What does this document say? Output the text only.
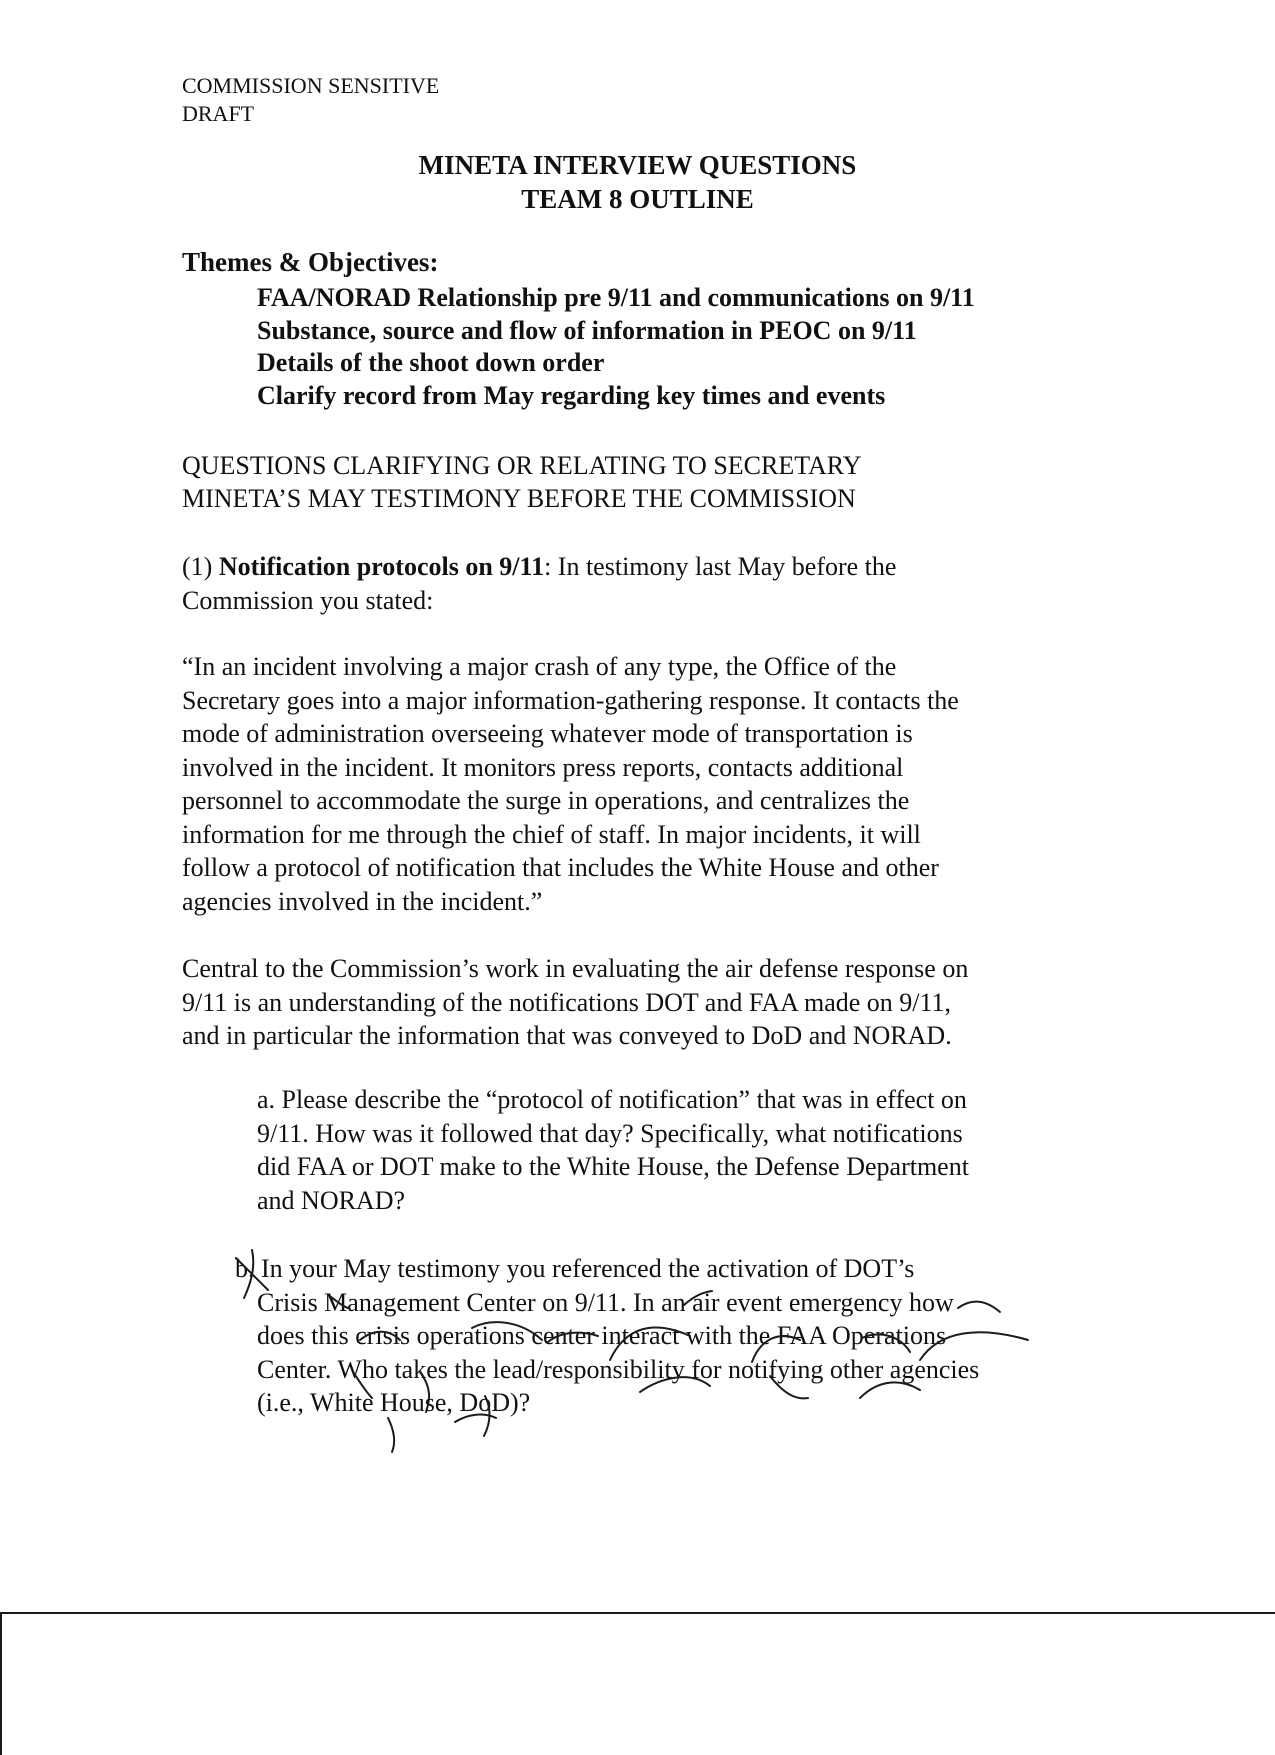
COMMISSION SENSITIVE
DRAFT
MINETA INTERVIEW QUESTIONS
TEAM 8 OUTLINE
Themes & Objectives:
FAA/NORAD Relationship pre 9/11 and communications on 9/11
Substance, source and flow of information in PEOC on 9/11
Details of the shoot down order
Clarify record from May regarding key times and events
QUESTIONS CLARIFYING OR RELATING TO SECRETARY
MINETA’S MAY TESTIMONY BEFORE THE COMMISSION
(1) Notification protocols on 9/11: In testimony last May before the
Commission you stated:
“In an incident involving a major crash of any type, the Office of the
Secretary goes into a major information-gathering response. It contacts the
mode of administration overseeing whatever mode of transportation is
involved in the incident. It monitors press reports, contacts additional
personnel to accommodate the surge in operations, and centralizes the
information for me through the chief of staff. In major incidents, it will
follow a protocol of notification that includes the White House and other
agencies involved in the incident.”
Central to the Commission’s work in evaluating the air defense response on
9/11 is an understanding of the notifications DOT and FAA made on 9/11,
and in particular the information that was conveyed to DoD and NORAD.
a. Please describe the “protocol of notification” that was in effect on
9/11. How was it followed that day? Specifically, what notifications
did FAA or DOT make to the White House, the Defense Department
and NORAD?
b. In your May testimony you referenced the activation of DOT’s
Crisis Management Center on 9/11. In an air event emergency how
does this crisis operations center interact with the FAA Operations
Center. Who takes the lead/responsibility for notifying other agencies
(i.e., White House, DoD)?
